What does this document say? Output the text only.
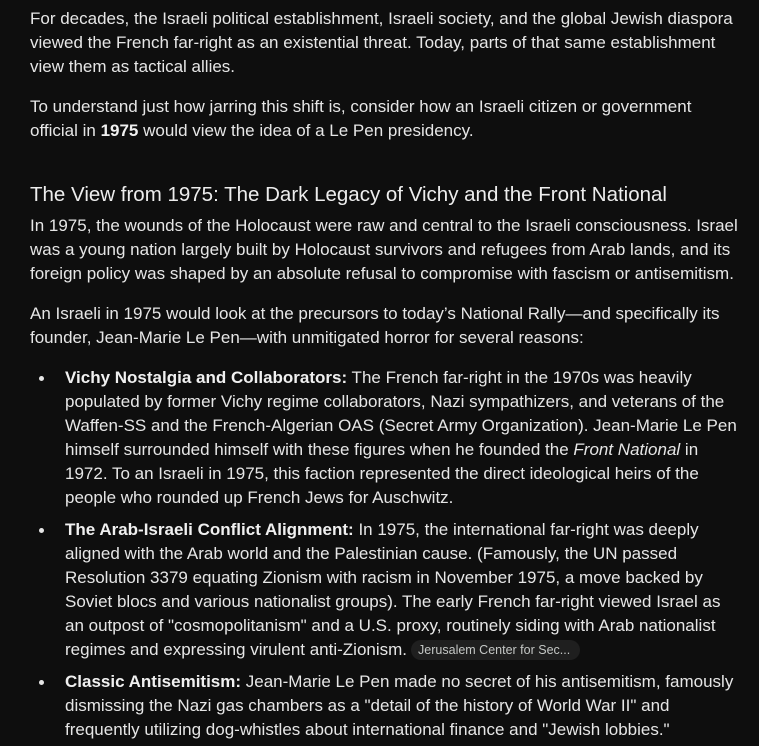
For decades, the Israeli political establishment, Israeli society, and the global Jewish diaspora viewed the French far-right as an existential threat. Today, parts of that same establishment view them as tactical allies.

To understand just how jarring this shift is, consider how an Israeli citizen or government official in 1975 would view the idea of a Le Pen presidency.

The View from 1975: The Dark Legacy of Vichy and the Front National

In 1975, the wounds of the Holocaust were raw and central to the Israeli consciousness. Israel was a young nation largely built by Holocaust survivors and refugees from Arab lands, and its foreign policy was shaped by an absolute refusal to compromise with fascism or antisemitism.

An Israeli in 1975 would look at the precursors to today’s National Rally—and specifically its founder, Jean-Marie Le Pen—with unmitigated horror for several reasons:

Vichy Nostalgia and Collaborators: The French far-right in the 1970s was heavily populated by former Vichy regime collaborators, Nazi sympathizers, and veterans of the Waffen-SS and the French-Algerian OAS (Secret Army Organization). Jean-Marie Le Pen himself surrounded himself with these figures when he founded the Front National in 1972. To an Israeli in 1975, this faction represented the direct ideological heirs of the people who rounded up French Jews for Auschwitz.
The Arab-Israeli Conflict Alignment: In 1975, the international far-right was deeply aligned with the Arab world and the Palestinian cause. (Famously, the UN passed Resolution 3379 equating Zionism with racism in November 1975, a move backed by Soviet blocs and various nationalist groups). The early French far-right viewed Israel as an outpost of "cosmopolitanism" and a U.S. proxy, routinely siding with Arab nationalist regimes and expressing virulent anti-Zionism. Jerusalem Center for Sec...
Classic Antisemitism: Jean-Marie Le Pen made no secret of his antisemitism, famously dismissing the Nazi gas chambers as a "detail of the history of World War II" and frequently utilizing dog-whistles about international finance and "Jewish lobbies."
